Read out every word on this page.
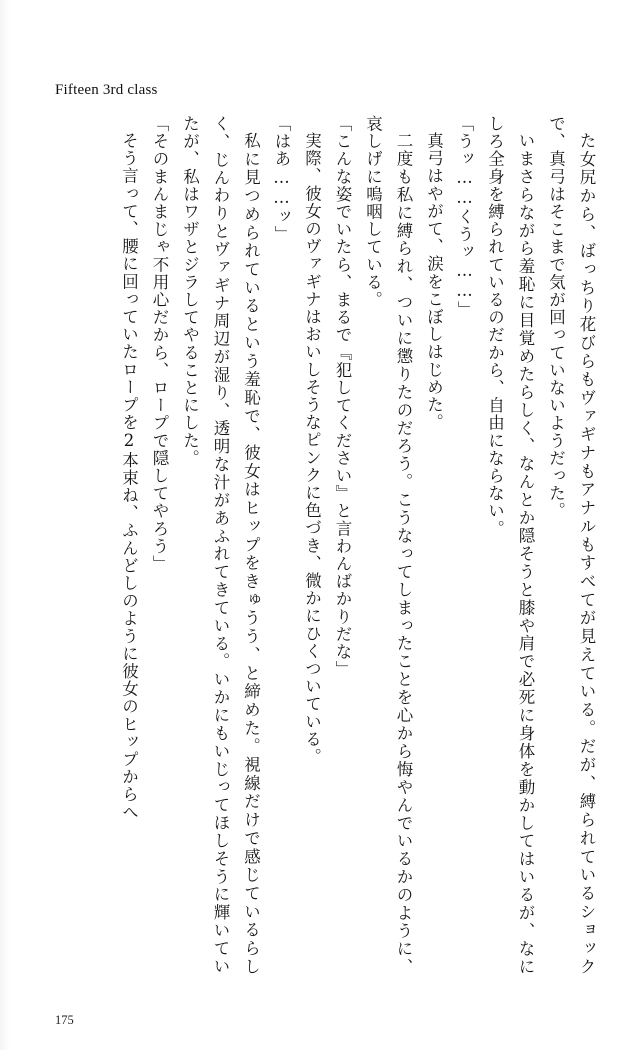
Fifteen 3rd class

た女尻から、ばっちり花びらもヴァギナもアナルもすべてが見えている。だが、縛られているショックで、真弓はそこまで気が回っていないようだった。

いまさらながら羞恥に目覚めたらしく、なんとか隠そうと膝や肩で必死に身体を動かしてはいるが、なにしろ全身を縛られているのだから、自由にならない。

「うッ……くうッ……」

真弓はやがて、涙をこぼしはじめた。

二度も私に縛られ、ついに懲りたのだろう。こうなってしまったことを心から悔やんでいるかのように、哀しげに嗚咽している。

「こんな姿でいたら、まるで『犯してください』と言わんばかりだな」

実際、彼女のヴァギナはおいしそうなピンクに色づき、微かにひくついている。

「はあ……ッ」

私に見つめられているという羞恥で、彼女はヒップをきゅうう、と締めた。視線だけで感じているらしく、じんわりとヴァギナ周辺が湿り、透明な汁があふれてきている。いかにもいじってほしそうに輝いていたが、私はワザとジラしてやることにした。

「そのまんまじゃ不用心だから、ロープで隠してやろう」

そう言って、腰に回っていたロープを2本束ね、ふんどしのように彼女のヒップからへ

175
